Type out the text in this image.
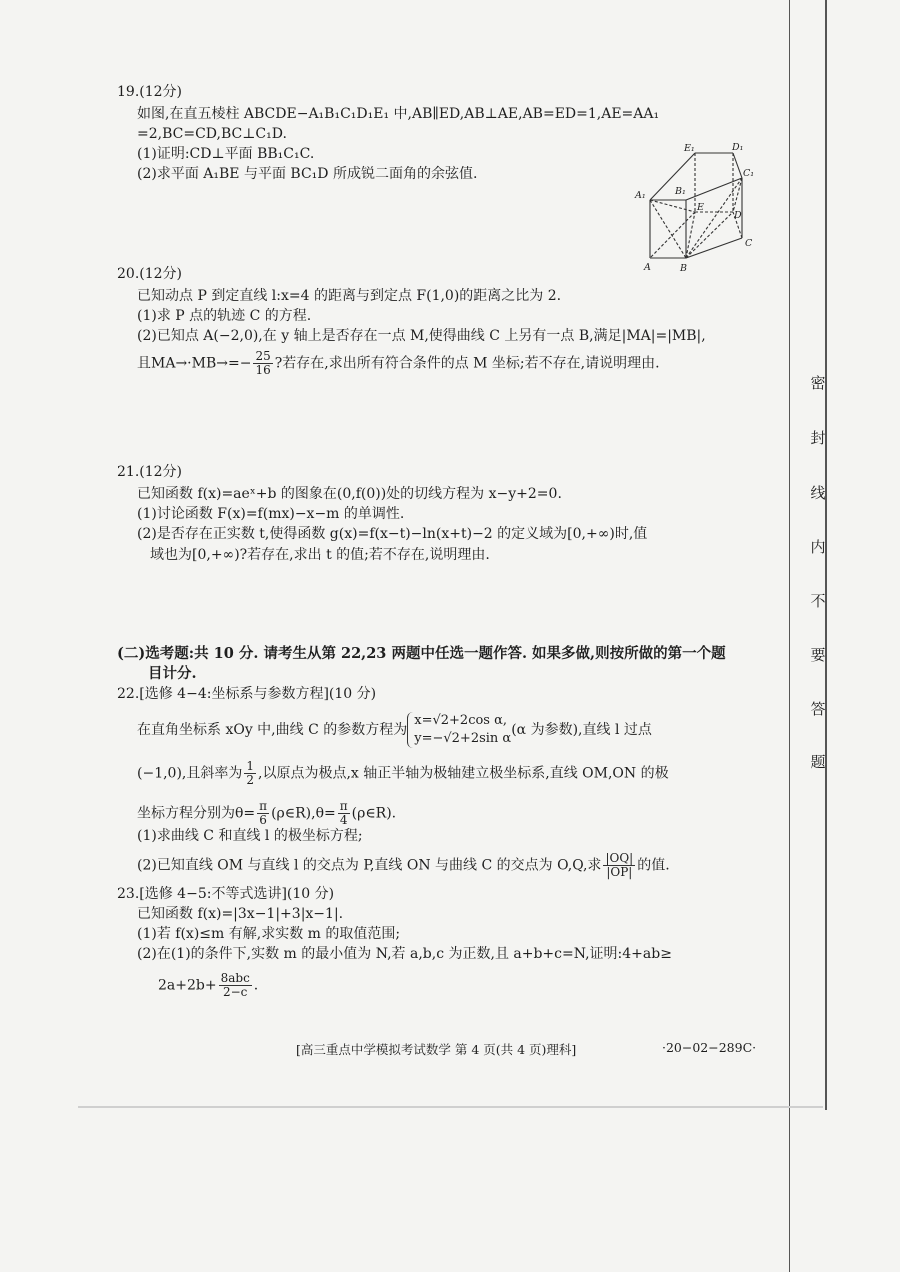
19.(12分)
如图,在直五棱柱 ABCDE−A₁B₁C₁D₁E₁ 中,AB∥ED,AB⊥AE,AB=ED=1,AE=AA₁
=2,BC=CD,BC⊥C₁D.
(1)证明:CD⊥平面 BB₁C₁C.
(2)求平面 A₁BE 与平面 BC₁D 所成锐二面角的余弦值.
E₁	D₁
A₁	B₁
C₁
E
D
C
A	B
20.(12分)
已知动点 P 到定直线 l:x=4 的距离与到定点 F(1,0)的距离之比为 2.
(1)求 P 点的轨迹 C 的方程.
(2)已知点 A(−2,0),在 y 轴上是否存在一点 M,使得曲线 C 上另有一点 B,满足|MA|=|MB|,
且$MA\to\cdot MB\to=- \frac{25}{16}$ ?若存在,求出所有符合条件的点 M 坐标;若不存在,请说明理由.
21.(12分)
已知函数 f(x)=aeˣ+b 的图象在(0,f(0))处的切线方程为 x−y+2=0.
(1)讨论函数 F(x)=f(mx)−x−m 的单调性.
(2)是否存在正实数 t,使得函数 g(x)=f(x−t)−ln(x+t)−2 的定义域为[0,+∞)时,值
域也为[0,+∞)?若存在,求出 t 的值;若不存在,说明理由.
(二)选考题:共 10 分. 请考生从第 22,23 两题中任选一题作答. 如果多做,则按所做的第一个题
目计分.
22.[选修 4−4:坐标系与参数方程](10 分)
在直角坐标系 xOy 中,曲线 C 的参数方程为
x=√2+2cos α,
y=−√2+2sin α
(α 为参数),直线 l 过点
(−1,0),且斜率为 $\frac{1}{2}$ ,以原点为极点,x 轴正半轴为极轴建立极坐标系,直线 OM,ON 的极
坐标方程分别为$\theta= \frac{\pi}{6}$ (ρ∈R),θ= $\frac{\pi}{4}$ (ρ∈R).
(1)求曲线 C 和直线 l 的极坐标方程;
(2)已知直线 OM 与直线 l 的交点为 P,直线 ON 与曲线 C 的交点为 O,Q,求 $\frac{|OQ|}{|OP|}$ 的值.
23.[选修 4−5:不等式选讲](10 分)
已知函数 f(x)=|3x−1|+3|x−1|.
(1)若 f(x)≤m 有解,求实数 m 的取值范围;
(2)在(1)的条件下,实数 m 的最小值为 N,若 a,b,c 为正数,且 a+b+c=N,证明:4+ab≥
$2a+2b+ \frac{\text{8abc}}{2-c}$ .
[高三重点中学模拟考试数学 第 4 页(共 4 页)理科]	·20−02−289C·
密
封
线
内
不
要
答
题
